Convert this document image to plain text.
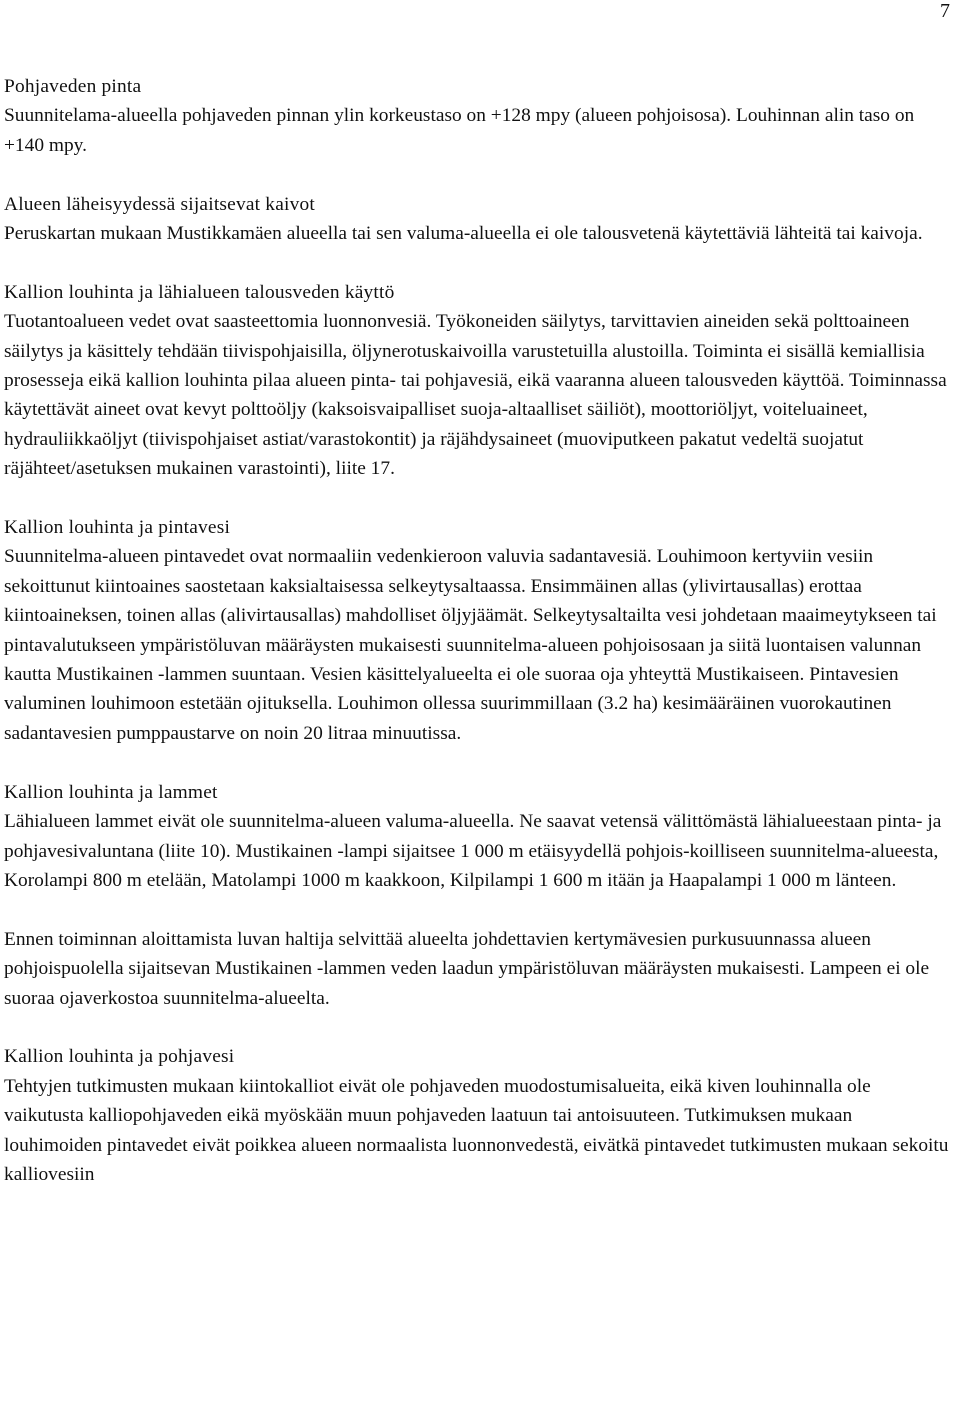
7

Pohjaveden pinta

Suunnitelama-alueella pohjaveden pinnan ylin korkeustaso on +128 mpy (alueen pohjoisosa). Louhinnan alin taso on +140 mpy.

Alueen läheisyydessä sijaitsevat kaivot

Peruskartan mukaan Mustikkamäen alueella tai sen valuma-alueella ei ole talousvetenä käytettäviä lähteitä tai kaivoja.

Kallion louhinta ja lähialueen talousveden käyttö

Tuotantoalueen vedet ovat saasteettomia luonnonvesiä. Työkoneiden säilytys, tarvittavien aineiden sekä polttoaineen säilytys ja käsittely tehdään tiivispohjaisilla, öljynerotuskaivoilla varustetuilla alustoilla. Toiminta ei sisällä kemiallisia prosesseja eikä kallion louhinta pilaa alueen pinta- tai pohjavesiä, eikä vaaranna alueen talousveden käyttöä. Toiminnassa käytettävät aineet ovat kevyt polttoöljy (kaksoisvaipalliset suoja-altaalliset säiliöt), moottoriöljyt, voiteluaineet, hydrauliikkaöljyt (tiivispohjaiset astiat/varastokontit) ja räjähdysaineet (muoviputkeen pakatut vedeltä suojatut räjähteet/asetuksen mukainen varastointi), liite 17.

Kallion louhinta ja pintavesi

Suunnitelma-alueen pintavedet ovat normaaliin vedenkieroon valuvia sadantavesiä. Louhimoon kertyviin vesiin sekoittunut kiintoaines saostetaan kaksialtaisessa selkeytysaltaassa. Ensimmäinen allas (ylivirtausallas) erottaa kiintoaineksen, toinen allas (alivirtausallas) mahdolliset öljyjäämät. Selkeytysaltailta vesi johdetaan maaimeytykseen tai pintavalutukseen ympäristöluvan määräysten mukaisesti suunnitelma-alueen pohjoisosaan ja siitä luontaisen valunnan kautta Mustikainen -lammen suuntaan. Vesien käsittelyalueelta ei ole suoraa oja yhteyttä Mustikaiseen. Pintavesien valuminen louhimoon estetään ojituksella. Louhimon ollessa suurimmillaan (3.2 ha) kesimääräinen vuorokautinen sadantavesien pumppaustarve on noin 20 litraa minuutissa.

Kallion louhinta ja lammet

Lähialueen lammet eivät ole suunnitelma-alueen valuma-alueella. Ne saavat vetensä välittömästä lähialueestaan pinta- ja pohjavesivaluntana (liite 10). Mustikainen -lampi sijaitsee 1 000 m etäisyydellä pohjois-koilliseen suunnitelma-alueesta, Korolampi 800 m etelään, Matolampi 1000 m kaakkoon, Kilpilampi 1 600 m itään ja Haapalampi 1 000 m länteen.

Ennen toiminnan aloittamista luvan haltija selvittää alueelta johdettavien kertymävesien purkusuunnassa alueen pohjoispuolella sijaitsevan Mustikainen -lammen veden laadun ympäristöluvan määräysten mukaisesti. Lampeen ei ole suoraa ojaverkostoa suunnitelma-alueelta.

Kallion louhinta ja pohjavesi

Tehtyjen tutkimusten mukaan kiintokalliot eivät ole pohjaveden muodostumisalueita, eikä kiven louhinnalla ole vaikutusta kalliopohjaveden eikä myöskään muun pohjaveden laatuun tai antoisuuteen. Tutkimuksen mukaan louhimoiden pintavedet eivät poikkea alueen normaalista luonnonvedestä, eivätkä pintavedet tutkimusten mukaan sekoitu kalliovesiin
